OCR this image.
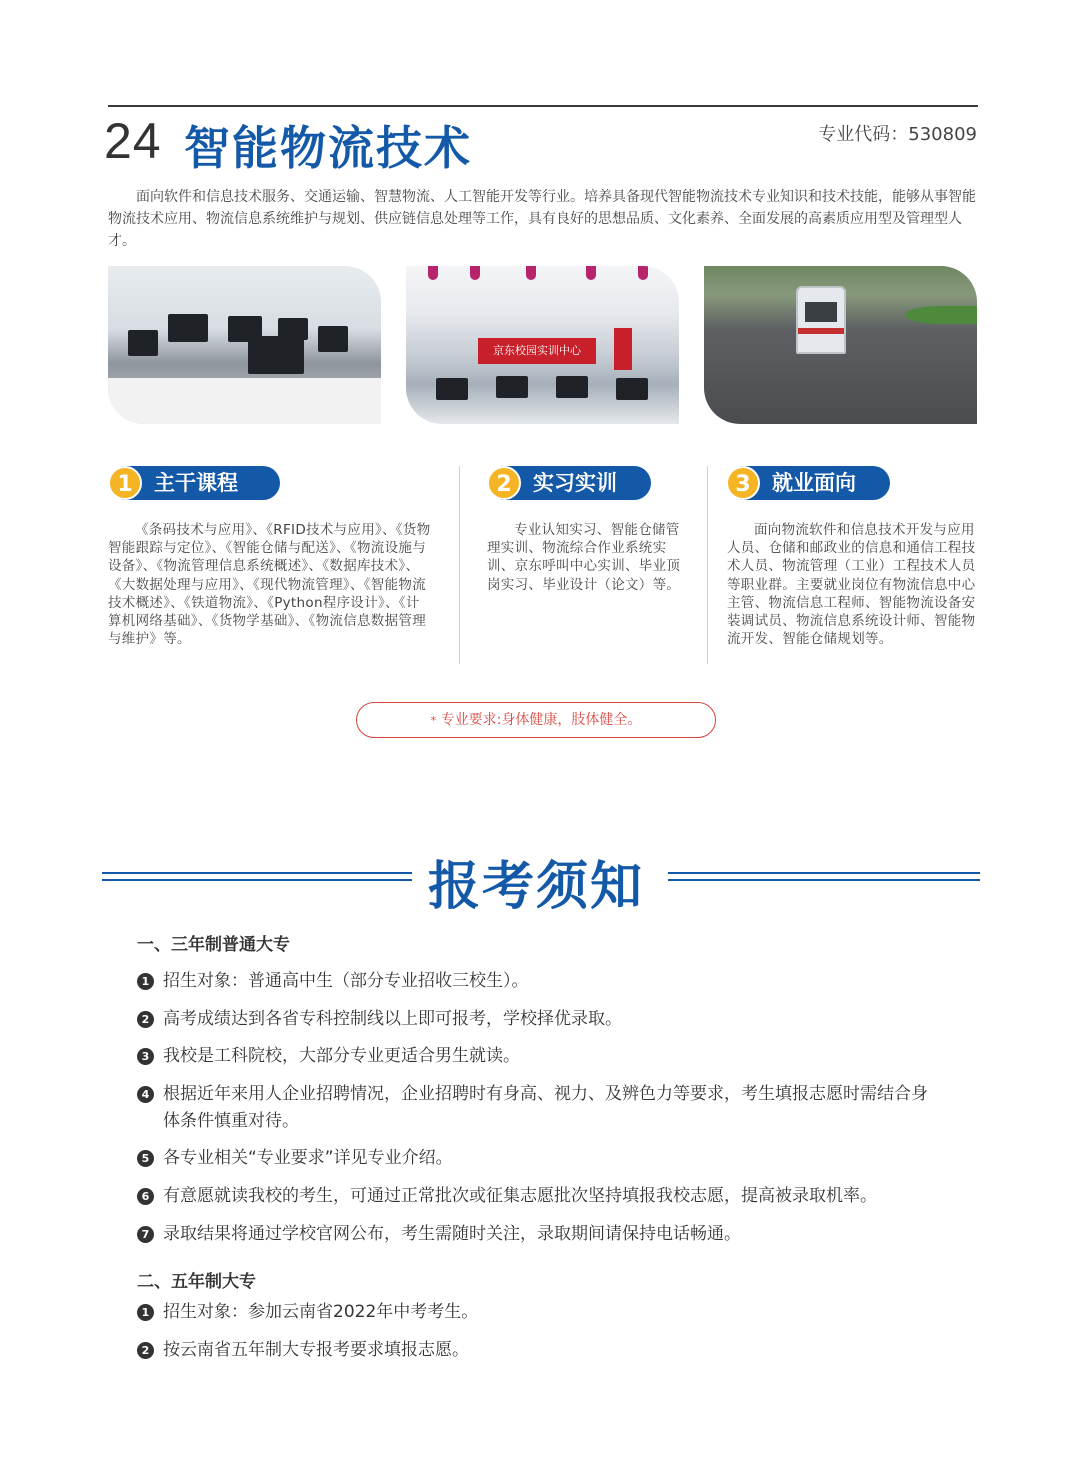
24 智能物流技术	专业代码：530809

面向软件和信息技术服务、交通运输、智慧物流、人工智能开发等行业。培养具备现代智能物流技术专业知识和技术技能，能够从事智能物流技术应用、物流信息系统维护与规划、供应链信息处理等工作，具有良好的思想品质、文化素养、全面发展的高素质应用型及管理型人才。

京东校园实训中心
主干课程
1

《条码技术与应用》、《RFID技术与应用》、《货物智能跟踪与定位》、《智能仓储与配送》、《物流设施与设备》、《物流管理信息系统概述》、《数据库技术》、《大数据处理与应用》、《现代物流管理》、《智能物流技术概述》、《铁道物流》、《Python程序设计》、《计算机网络基础》、《货物学基础》、《物流信息数据管理与维护》等。

实习实训
2

专业认知实习、智能仓储管理实训、物流综合作业系统实训、京东呼叫中心实训、毕业顶岗实习、毕业设计（论文）等。

就业面向
3

面向物流软件和信息技术开发与应用人员、仓储和邮政业的信息和通信工程技术人员、物流管理（工业）工程技术人员等职业群。主要就业岗位有物流信息中心主管、物流信息工程师、智能物流设备安装调试员、物流信息系统设计师、智能物流开发、智能仓储规划等。

* 专业要求:身体健康，肢体健全。
报考须知
一、三年制普通大专
1 招生对象：普通高中生（部分专业招收三校生）。
2 高考成绩达到各省专科控制线以上即可报考，学校择优录取。
3 我校是工科院校，大部分专业更适合男生就读。
4 根据近年来用人企业招聘情况，企业招聘时有身高、视力、及辨色力等要求，考生填报志愿时需结合身体条件慎重对待。
5 各专业相关“专业要求”详见专业介绍。
6 有意愿就读我校的考生，可通过正常批次或征集志愿批次坚持填报我校志愿，提高被录取机率。
7 录取结果将通过学校官网公布，考生需随时关注，录取期间请保持电话畅通。
二、五年制大专
1 招生对象：参加云南省2022年中考考生。
2 按云南省五年制大专报考要求填报志愿。
